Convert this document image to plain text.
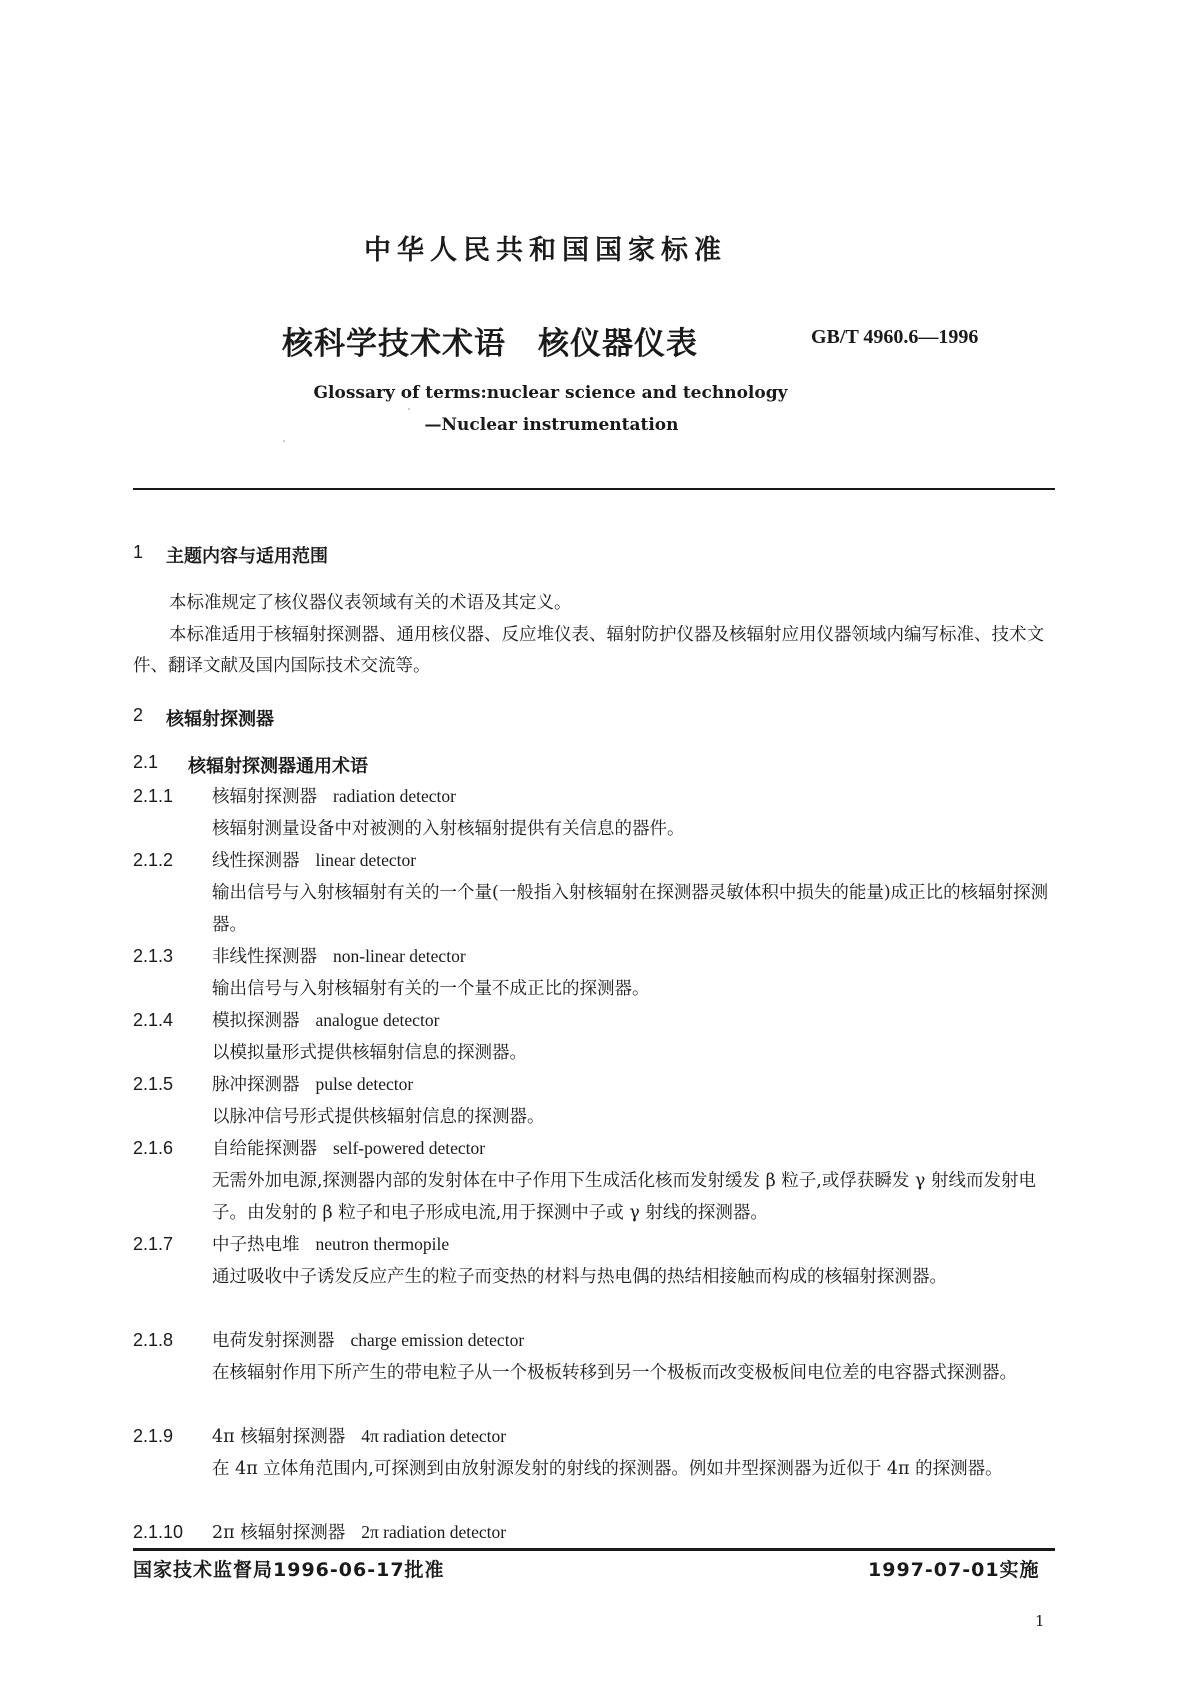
中华人民共和国国家标准
核科学技术术语　核仪器仪表	GB/T 4960.6—1996
Glossary of terms:nuclear science and technology
—Nuclear instrumentation
1 主题内容与适用范围
本标准规定了核仪器仪表领域有关的术语及其定义。
本标准适用于核辐射探测器、通用核仪器、反应堆仪表、辐射防护仪器及核辐射应用仪器领域内编写标准、技术文件、翻译文献及国内国际技术交流等。
2 核辐射探测器
2.1 核辐射探测器通用术语
2.1.1 核辐射探测器 radiation detector
核辐射测量设备中对被测的入射核辐射提供有关信息的器件。
2.1.2 线性探测器 linear detector
输出信号与入射核辐射有关的一个量(一般指入射核辐射在探测器灵敏体积中损失的能量)成正比的核辐射探测器。
2.1.3 非线性探测器 non-linear detector
输出信号与入射核辐射有关的一个量不成正比的探测器。
2.1.4 模拟探测器 analogue detector
以模拟量形式提供核辐射信息的探测器。
2.1.5 脉冲探测器 pulse detector
以脉冲信号形式提供核辐射信息的探测器。
2.1.6 自给能探测器 self-powered detector
无需外加电源,探测器内部的发射体在中子作用下生成活化核而发射缓发 β 粒子,或俘获瞬发 γ 射线而发射电子。由发射的 β 粒子和电子形成电流,用于探测中子或 γ 射线的探测器。
2.1.7 中子热电堆 neutron thermopile
通过吸收中子诱发反应产生的粒子而变热的材料与热电偶的热结相接触而构成的核辐射探测器。
2.1.8 电荷发射探测器 charge emission detector
在核辐射作用下所产生的带电粒子从一个极板转移到另一个极板而改变极板间电位差的电容器式探测器。
2.1.9 4π 核辐射探测器 4π radiation detector
在 4π 立体角范围内,可探测到由放射源发射的射线的探测器。例如井型探测器为近似于 4π 的探测器。
2.1.10 2π 核辐射探测器 2π radiation detector
国家技术监督局1996-06-17批准	1997-07-01实施
1
